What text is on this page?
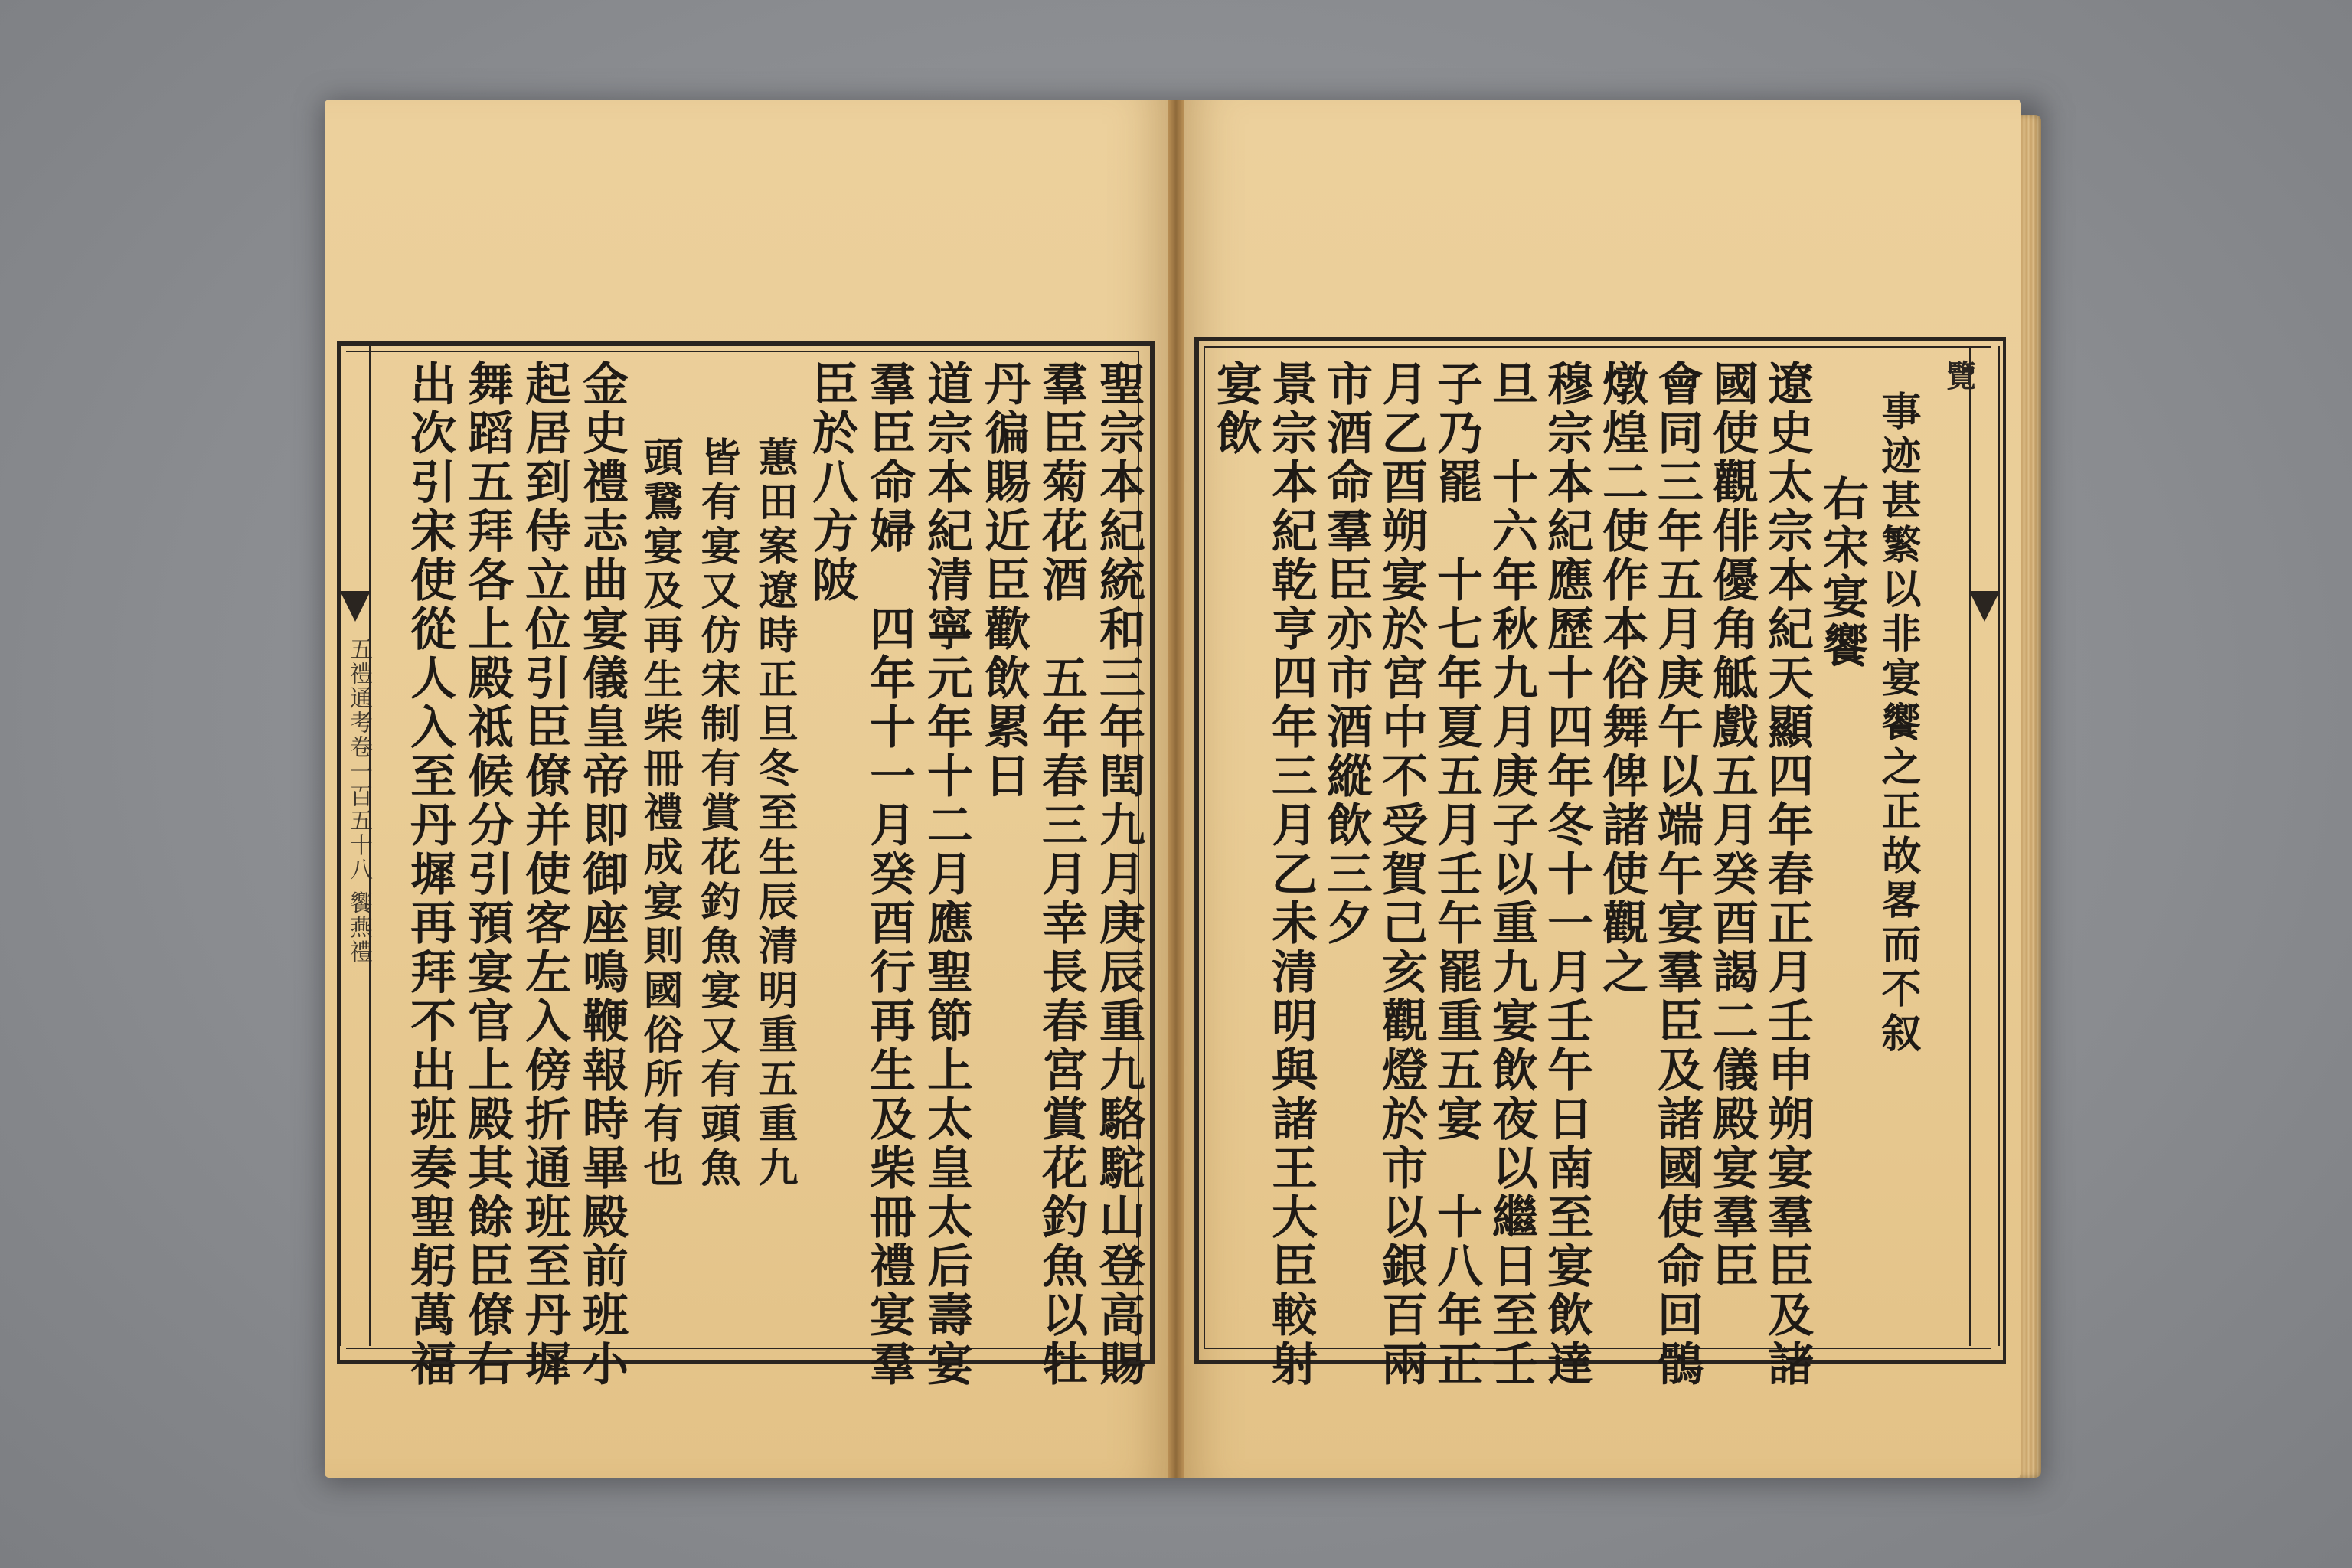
五禮通考卷一百五十八 饗燕禮	聖宗本紀統和三年閏九月庚辰重九駱駝山登高賜
羣臣菊花酒　五年春三月幸長春宮賞花釣魚以牡
丹徧賜近臣歡飲累日
道宗本紀清寧元年十二月應聖節上太皇太后壽宴
羣臣命婦　四年十一月癸酉行再生及柴冊禮宴羣
臣於八方陂
蕙田案遼時正旦冬至生辰清明重五重九
皆有宴又仿宋制有賞花釣魚宴又有頭魚
頭鵞宴及再生柴冊禮成宴則國俗所有也
金史禮志曲宴儀皇帝即御座鳴鞭報時畢殿前班小
起居到侍立位引臣僚并使客左入傍折通班至丹墀
舞蹈五拜各上殿祗候分引預宴官上殿其餘臣僚右
出次引宋使從人入至丹墀再拜不出班奏聖躬萬福	覽
事迹甚繁以非宴饗之正故畧而不叙
右宋宴饗
遼史太宗本紀天顯四年春正月壬申朔宴羣臣及諸
國使觀俳優角觝戲五月癸酉謁二儀殿宴羣臣
會同三年五月庚午以端午宴羣臣及諸國使命回鶻
燉煌二使作本俗舞俾諸使觀之
穆宗本紀應歷十四年冬十一月壬午日南至宴飲達
旦　十六年秋九月庚子以重九宴飲夜以繼日至壬
子乃罷　十七年夏五月壬午罷重五宴　十八年正
月乙酉朔宴於宮中不受賀己亥觀燈於市以銀百兩
市酒命羣臣亦市酒縱飲三夕
景宗本紀乾亨四年三月乙未清明與諸王大臣較射
宴飲
